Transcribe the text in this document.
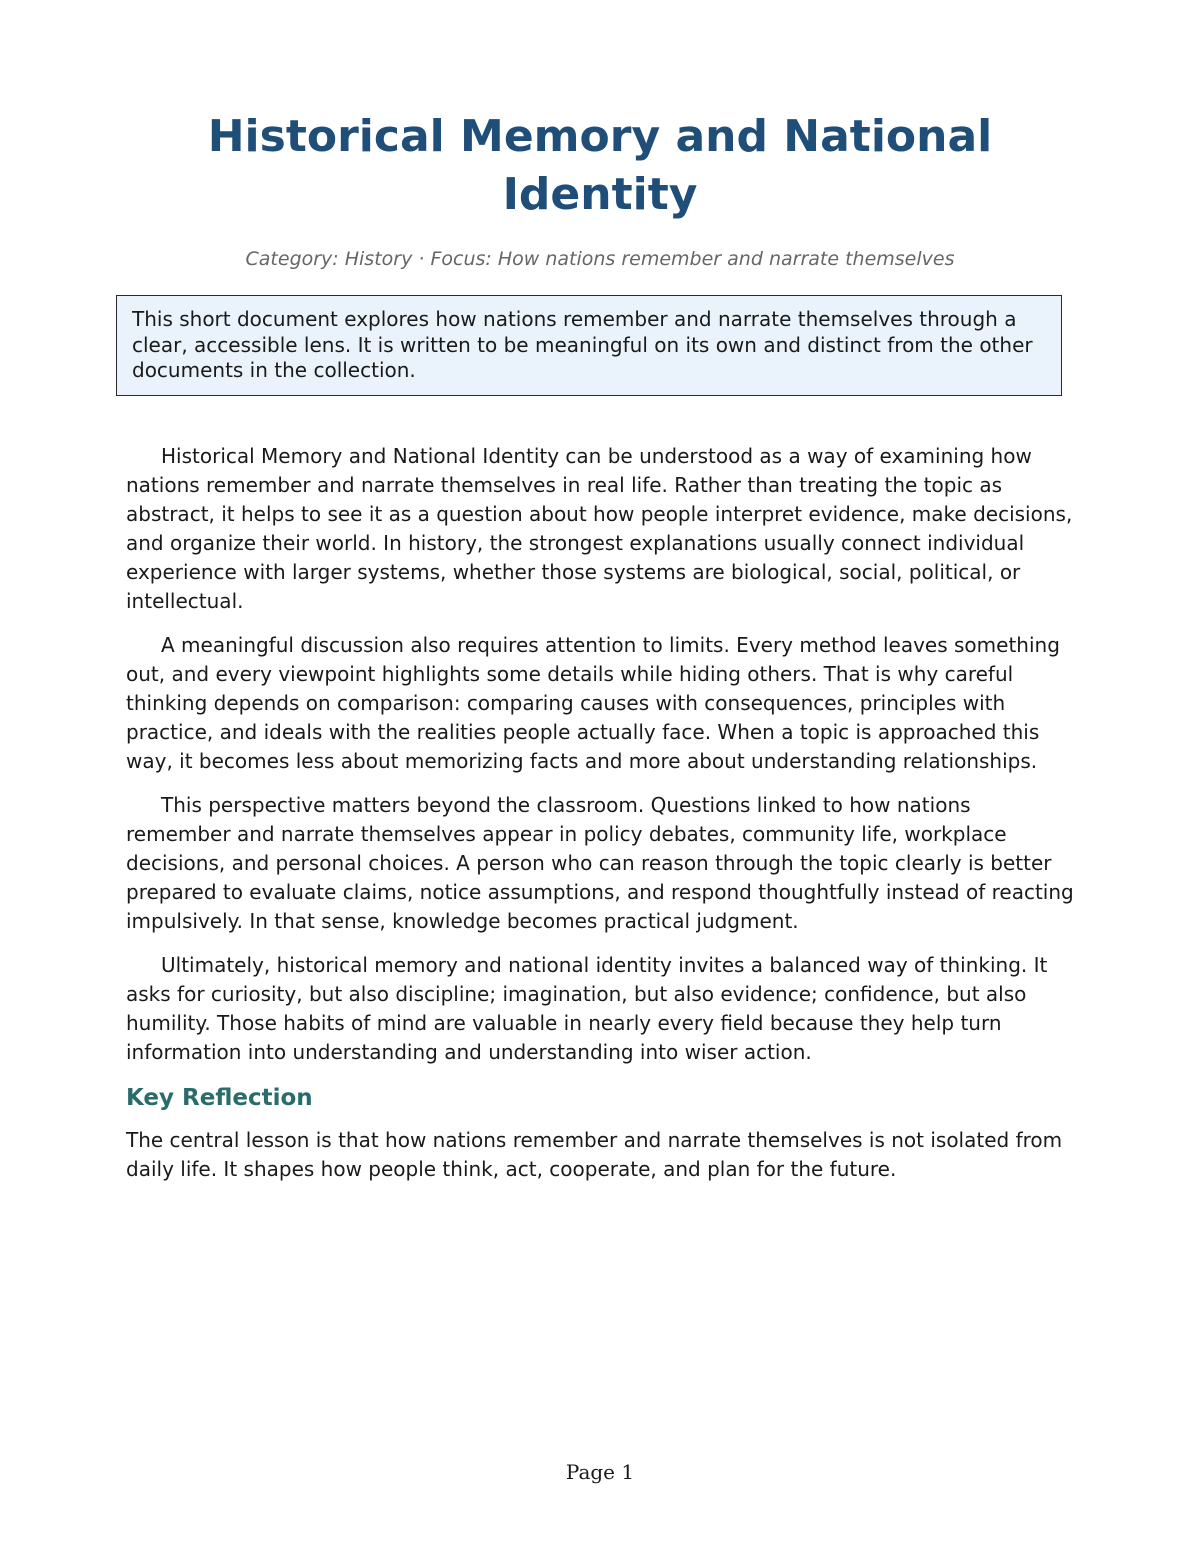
Historical Memory and National Identity

Category: History · Focus: How nations remember and narrate themselves

This short document explores how nations remember and narrate themselves through a clear, accessible lens. It is written to be meaningful on its own and distinct from the other documents in the collection.

Historical Memory and National Identity can be understood as a way of examining how nations remember and narrate themselves in real life. Rather than treating the topic as abstract, it helps to see it as a question about how people interpret evidence, make decisions, and organize their world. In history, the strongest explanations usually connect individual experience with larger systems, whether those systems are biological, social, political, or intellectual.

A meaningful discussion also requires attention to limits. Every method leaves something out, and every viewpoint highlights some details while hiding others. That is why careful thinking depends on comparison: comparing causes with consequences, principles with practice, and ideals with the realities people actually face. When a topic is approached this way, it becomes less about memorizing facts and more about understanding relationships.

This perspective matters beyond the classroom. Questions linked to how nations remember and narrate themselves appear in policy debates, community life, workplace decisions, and personal choices. A person who can reason through the topic clearly is better prepared to evaluate claims, notice assumptions, and respond thoughtfully instead of reacting impulsively. In that sense, knowledge becomes practical judgment.

Ultimately, historical memory and national identity invites a balanced way of thinking. It asks for curiosity, but also discipline; imagination, but also evidence; confidence, but also humility. Those habits of mind are valuable in nearly every field because they help turn information into understanding and understanding into wiser action.

Key Reflection

The central lesson is that how nations remember and narrate themselves is not isolated from daily life. It shapes how people think, act, cooperate, and plan for the future.

Page 1
